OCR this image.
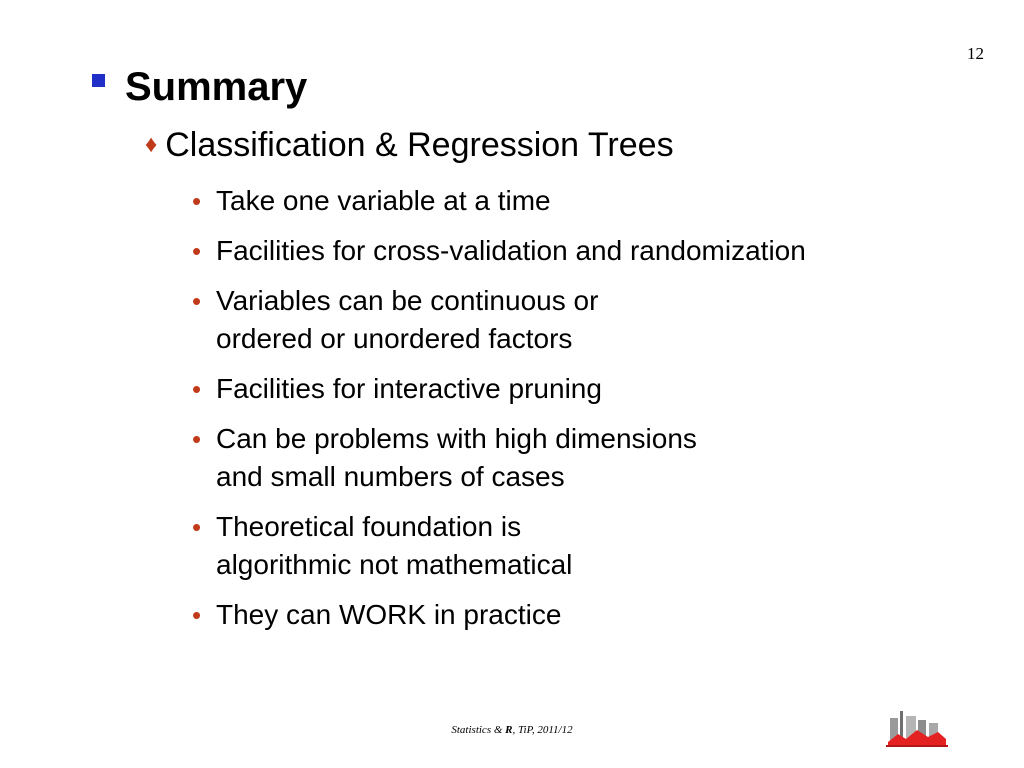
12
Summary
♦ Classification & Regression Trees
• Take one variable at a time
• Facilities for cross-validation and randomization
• Variables can be continuous or
ordered or unordered factors
• Facilities for interactive pruning
• Can be problems with high dimensions
and small numbers of cases
• Theoretical foundation is
algorithmic not mathematical
• They can WORK in practice
Statistics & R, TiP, 2011/12
